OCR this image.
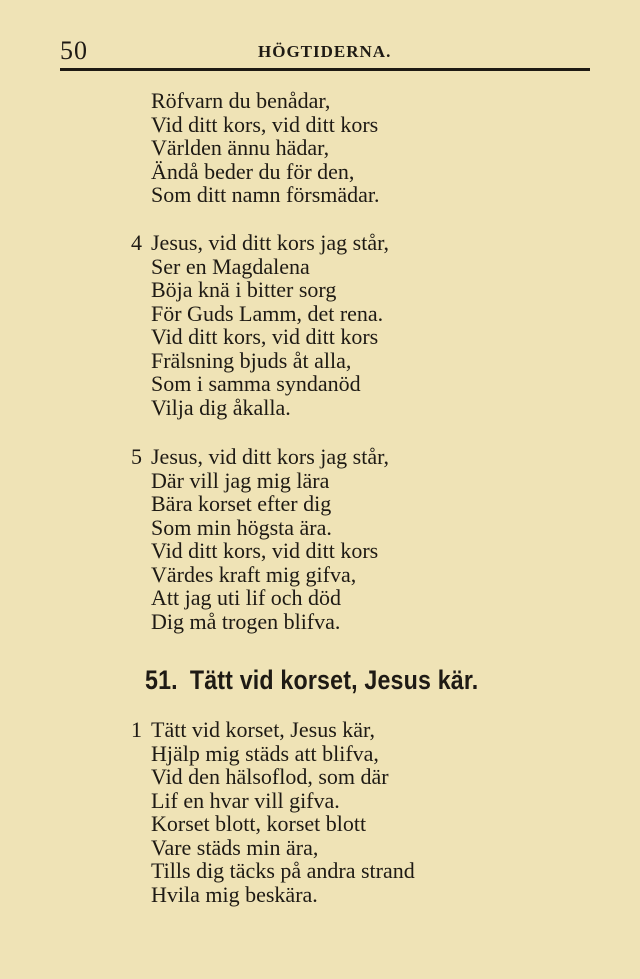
50	HÖGTIDERNA.
Röfvarn du benådar,
Vid ditt kors, vid ditt kors
Världen ännu hädar,
Ändå beder du för den,
Som ditt namn försmädar.
4 Jesus, vid ditt kors jag står,
Ser en Magdalena
Böja knä i bitter sorg
För Guds Lamm, det rena.
Vid ditt kors, vid ditt kors
Frälsning bjuds åt alla,
Som i samma syndanöd
Vilja dig åkalla.
5 Jesus, vid ditt kors jag står,
Där vill jag mig lära
Bära korset efter dig
Som min högsta ära.
Vid ditt kors, vid ditt kors
Värdes kraft mig gifva,
Att jag uti lif och död
Dig må trogen blifva.
51. Tätt vid korset, Jesus kär.
1 Tätt vid korset, Jesus kär,
Hjälp mig städs att blifva,
Vid den hälsoflod, som där
Lif en hvar vill gifva.
Korset blott, korset blott
Vare städs min ära,
Tills dig täcks på andra strand
Hvila mig beskära.
